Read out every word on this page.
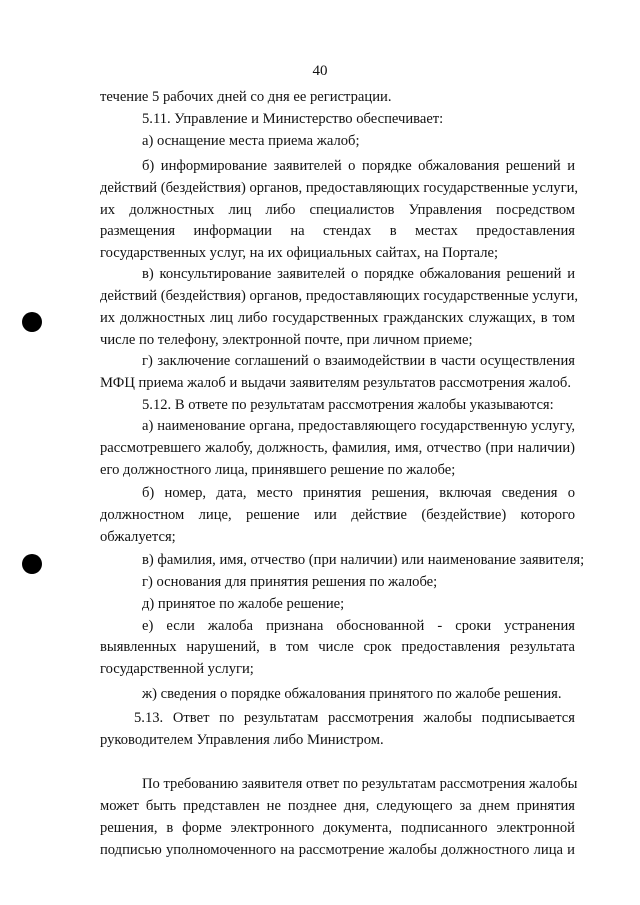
40
течение 5 рабочих дней со дня ее регистрации.
5.11. Управление и Министерство обеспечивает:
а) оснащение места приема жалоб;
б) информирование заявителей о порядке обжалования решений и
действий (бездействия) органов, предоставляющих государственные услуги,
их должностных лиц либо специалистов Управления посредством
размещения информации на стендах в местах предоставления
государственных услуг, на их официальных сайтах, на Портале;
в) консультирование заявителей о порядке обжалования решений и
действий (бездействия) органов, предоставляющих государственные услуги,
их должностных лиц либо государственных гражданских служащих, в том
числе по телефону, электронной почте, при личном приеме;
г) заключение соглашений о взаимодействии в части осуществления
МФЦ приема жалоб и выдачи заявителям результатов рассмотрения жалоб.
5.12. В ответе по результатам рассмотрения жалобы указываются:
а) наименование органа, предоставляющего государственную услугу,
рассмотревшего жалобу, должность, фамилия, имя, отчество (при наличии)
его должностного лица, принявшего решение по жалобе;
б) номер, дата, место принятия решения, включая сведения о
должностном лице, решение или действие (бездействие) которого
обжалуется;
в) фамилия, имя, отчество (при наличии) или наименование заявителя;
г) основания для принятия решения по жалобе;
д) принятое по жалобе решение;
е) если жалоба признана обоснованной - сроки устранения
выявленных нарушений, в том числе срок предоставления результата
государственной услуги;
ж) сведения о порядке обжалования принятого по жалобе решения.
5.13. Ответ по результатам рассмотрения жалобы подписывается
руководителем Управления либо Министром.
По требованию заявителя ответ по результатам рассмотрения жалобы
может быть представлен не позднее дня, следующего за днем принятия
решения, в форме электронного документа, подписанного электронной
подписью уполномоченного на рассмотрение жалобы должностного лица и
